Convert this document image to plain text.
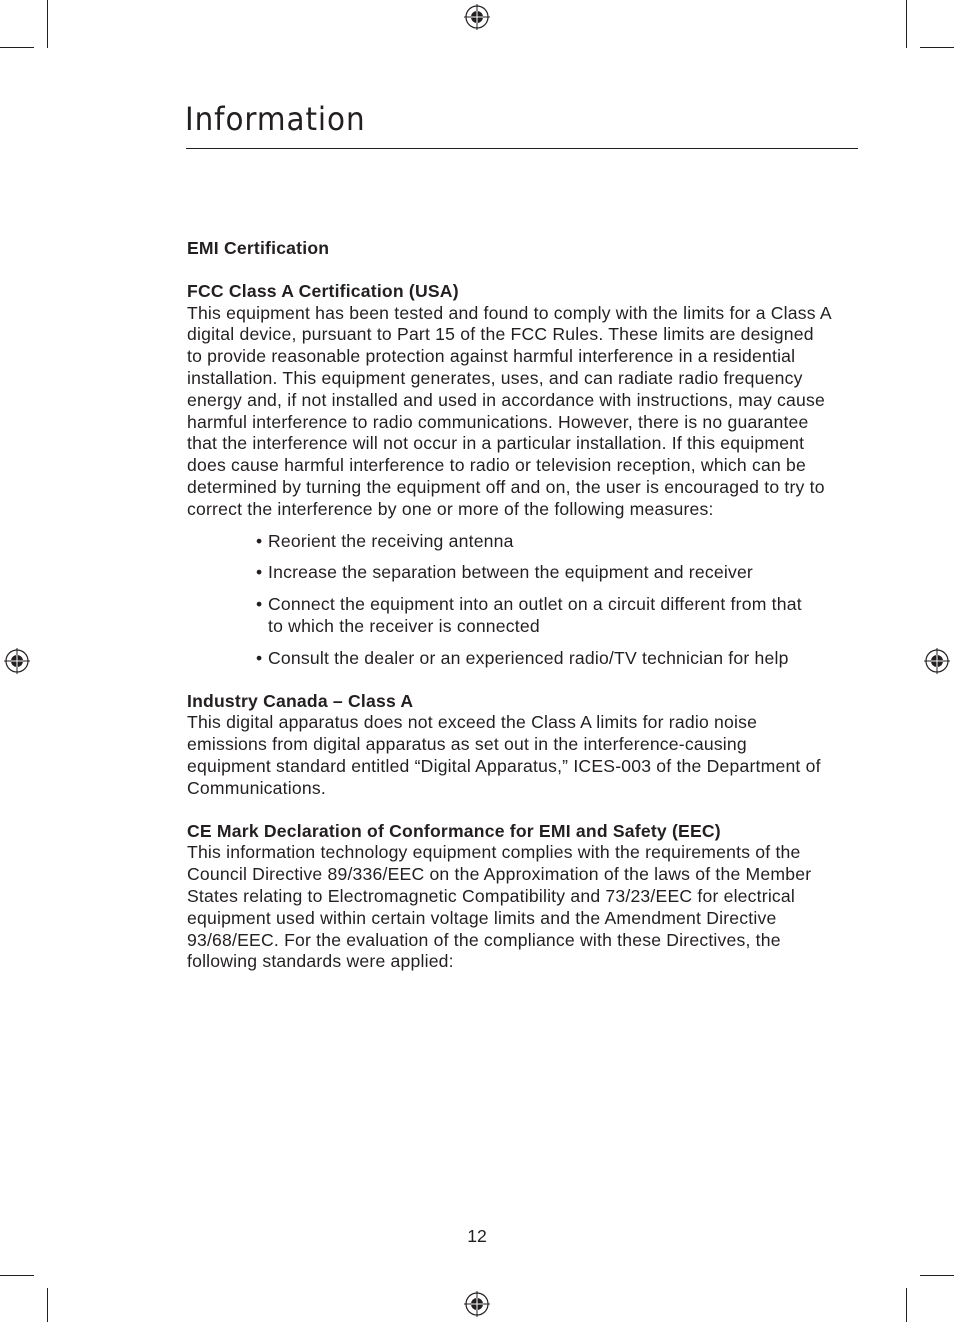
Information

EMI Certification

FCC Class A Certification (USA)

This equipment has been tested and found to comply with the limits for a Class A digital device, pursuant to Part 15 of the FCC Rules. These limits are designed to provide reasonable protection against harmful interference in a residential installation. This equipment generates, uses, and can radiate radio frequency energy and, if not installed and used in accordance with instructions, may cause harmful interference to radio communications. However, there is no guarantee that the interference will not occur in a particular installation. If this equipment does cause harmful interference to radio or television reception, which can be determined by turning the equipment off and on, the user is encouraged to try to correct the interference by one or more of the following measures:

• Reorient the receiving antenna
• Increase the separation between the equipment and receiver
• Connect the equipment into an outlet on a circuit different from that to which the receiver is connected
• Consult the dealer or an experienced radio/TV technician for help

Industry Canada – Class A

This digital apparatus does not exceed the Class A limits for radio noise emissions from digital apparatus as set out in the interference-causing equipment standard entitled “Digital Apparatus,” ICES-003 of the Department of Communications.

CE Mark Declaration of Conformance for EMI and Safety (EEC)

This information technology equipment complies with the requirements of the Council Directive 89/336/EEC on the Approximation of the laws of the Member States relating to Electromagnetic Compatibility and 73/23/EEC for electrical equipment used within certain voltage limits and the Amendment Directive 93/68/EEC. For the evaluation of the compliance with these Directives, the following standards were applied:

12
